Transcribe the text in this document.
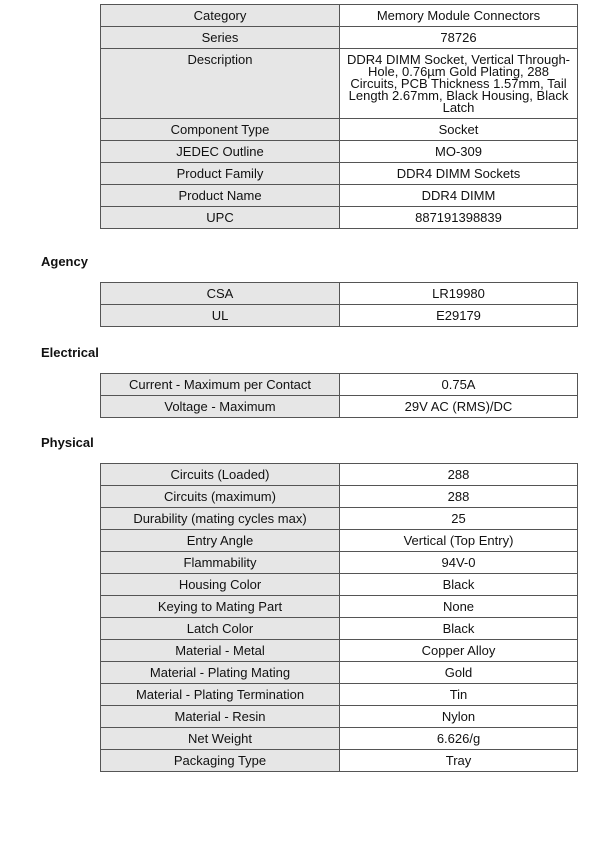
Category	Memory Module Connectors
Series	78726
Description	DDR4 DIMM Socket, Vertical Through-Hole, 0.76µm Gold Plating, 288 Circuits, PCB Thickness 1.57mm, Tail Length 2.67mm, Black Housing, Black Latch
Component Type	Socket
JEDEC Outline	MO-309
Product Family	DDR4 DIMM Sockets
Product Name	DDR4 DIMM
UPC	887191398839
Agency
CSA	LR19980
UL	E29179
Electrical
Current - Maximum per Contact	0.75A
Voltage - Maximum	29V AC (RMS)/DC
Physical
Circuits (Loaded)	288
Circuits (maximum)	288
Durability (mating cycles max)	25
Entry Angle	Vertical (Top Entry)
Flammability	94V-0
Housing Color	Black
Keying to Mating Part	None
Latch Color	Black
Material - Metal	Copper Alloy
Material - Plating Mating	Gold
Material - Plating Termination	Tin
Material - Resin	Nylon
Net Weight	6.626/g
Packaging Type	Tray
